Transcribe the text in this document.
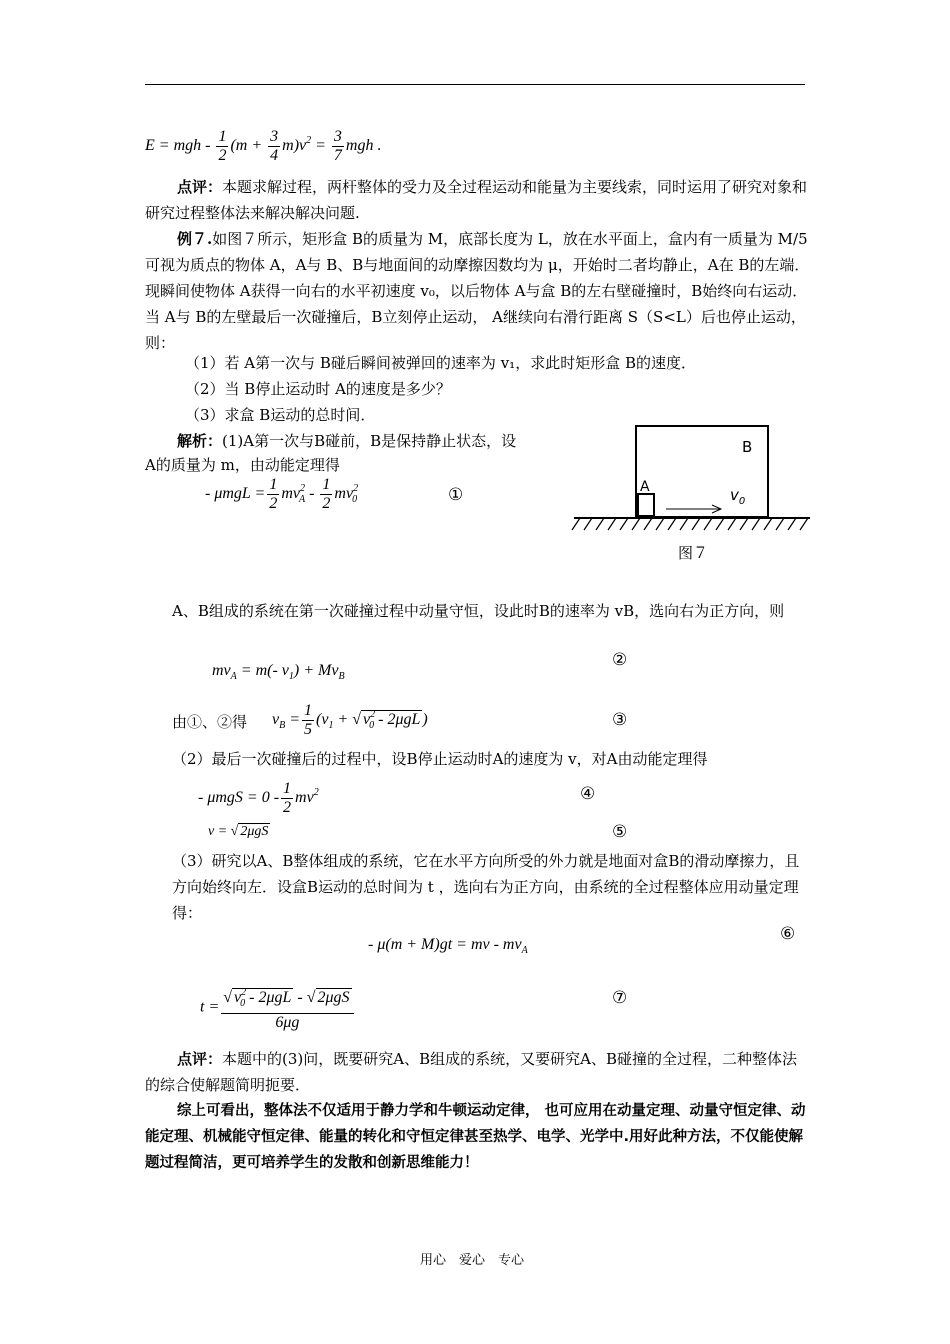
E = mgh - $\frac{1}{2} (m + \frac{3}{4} m)v^2 = \frac{3}{7}$ mgh .
点评：本题求解过程，两杆整体的受力及全过程运动和能量为主要线索，同时运用了研究对象和研究过程整体法来解决解决问题.
例７.如图７所示，矩形盒 B的质量为 M，底部长度为 L，放在水平面上，盒内有一质量为 M/5可视为质点的物体 A，A与 B、B与地面间的动摩擦因数均为 μ，开始时二者均静止，A在 B的左端．现瞬间使物体 A获得一向右的水平初速度 v₀，以后物体 A与盒 B的左右壁碰撞时，B始终向右运动．当 A与 B的左壁最后一次碰撞后，B立刻停止运动， A继续向右滑行距离 S（S<L）后也停止运动，则：
（1）若 A第一次与 B碰后瞬间被弹回的速率为 v₁，求此时矩形盒 B的速度．
（2）当 B停止运动时 A的速度是多少？
（3）求盒 B运动的总时间．
解析：(1)A第一次与B碰前，B是保持静止状态，设
A的质量为 m，由动能定理得
- $\mu mgL = \frac{1}{2} mv^2_A - \frac{1}{2} mv^2_0$	①
B
A	$v_0$
图７
A、B组成的系统在第一次碰撞过程中动量守恒，设此时B的速率为 vB，选向右为正方向，则
$mv_A = m(-$ $v_1) + Mv_B$
②
由①、②得 $v_B = \frac{1}{5} (v_1$ + √ $v^2_0 - 2\mu gL$ )	③
（2）最后一次碰撞后的过程中，设B停止运动时A的速度为 v，对A由动能定理得
- $\mu mgS = 0 - \frac{1}{2} mv^2$	④
v = √ 2μgS	⑤
（3）研究以A、B整体组成的系统，它在水平方向所受的外力就是地面对盒B的滑动摩擦力，且方向始终向左．设盒B运动的总时间为 t ，选向右为正方向，由系统的全过程整体应用动量定理得：
- μ(m + M)gt = mv - $mv_A$
⑥
$t = \frac{√ v^2_0 - 2\mu gL - √ 2\mu gS}{6\mu g}$	⑦
点评：本题中的(3)问，既要研究A、B组成的系统，又要研究A、B碰撞的全过程，二种整体法的综合使解题简明扼要．
综上可看出，整体法不仅适用于静力学和牛顿运动定律， 也可应用在动量定理、动量守恒定律、动能定理、机械能守恒定律、能量的转化和守恒定律甚至热学、电学、光学中.用好此种方法，不仅能使解题过程简洁，更可培养学生的发散和创新思维能力！
用心　爱心　专心
